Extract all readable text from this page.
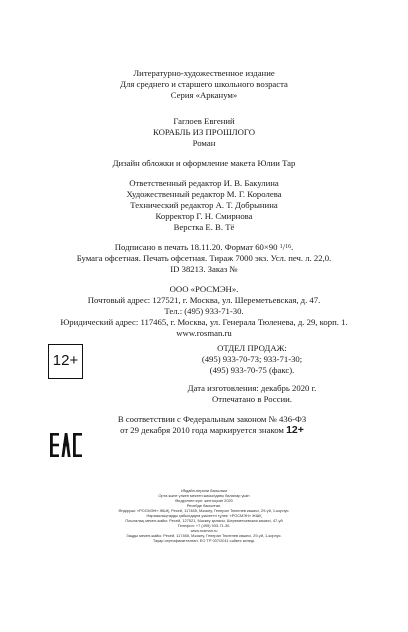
Литературно-художественное издание
Для среднего и старшего школьного возраста
Серия «Арканум»
Гаглоев Евгений
КОРАБЛЬ ИЗ ПРОШЛОГО
Роман
Дизайн обложки и оформление макета Юлии Тар
Ответственный редактор И. В. Бакулина
Художественный редактор М. Г. Королева
Технический редактор А. Т. Добрынина
Корректор Г. Н. Смирнова
Верстка Е. В. Тё
Подписано в печать 18.11.20. Формат 60×90 $^1$/16.
Бумага офсетная. Печать офсетная. Тираж 7000 экз. Усл. печ. л. 22,0.
ID 38213. Заказ №
ООО «РОСМЭН».
Почтовый адрес: 127521, г. Москва, ул. Шереметьевская, д. 47.
Тел.: (495) 933-71-30.
Юридический адрес: 117465, г. Москва, ул. Генерала Тюленева, д. 29, корп. 1.
www.rosman.ru
12+
ОТДЕЛ ПРОДАЖ:
(495) 933-70-73; 933-71-30;
(495) 933-70-75 (факс).
Дата изготовления: декабрь 2020 г.
Отпечатано в России.
В соответствии с Федеральным законом № 436-ФЗ
от 29 декабря 2010 года маркируется знаком 12+
Ићдайн-нерили басылым
Орта және үлкен мектеп жасындағы балалар үшін
Өндірілген күні: желтоқсан 2020
Ресейде басылған.
Өндіруші: «РОСМЭН» ЖШҚ, Ресей, 117465, Мәскеу, Генерал Тюленев көшесі, 29-үй, 1-корпус.
Наразылықтарды қабылдауға уәкілетті тұлға: «РОСМЭН» ЖШҚ
Пошталық мекен-жайы: Ресей, 127521, Мәскеу қаласы, Шереметьевская көшесі, 47-үй
Телефон: +7 (495) 933-71-30.
www.rosman.ru
Заңды мекен-жайы: Ресей, 117465, Мәскеу, Генерал Тюленев көшесі, 29-үй, 1-корпус.
Тауар сертификатталған. ЕО ТР 007/2011 сәйкес келеді.
